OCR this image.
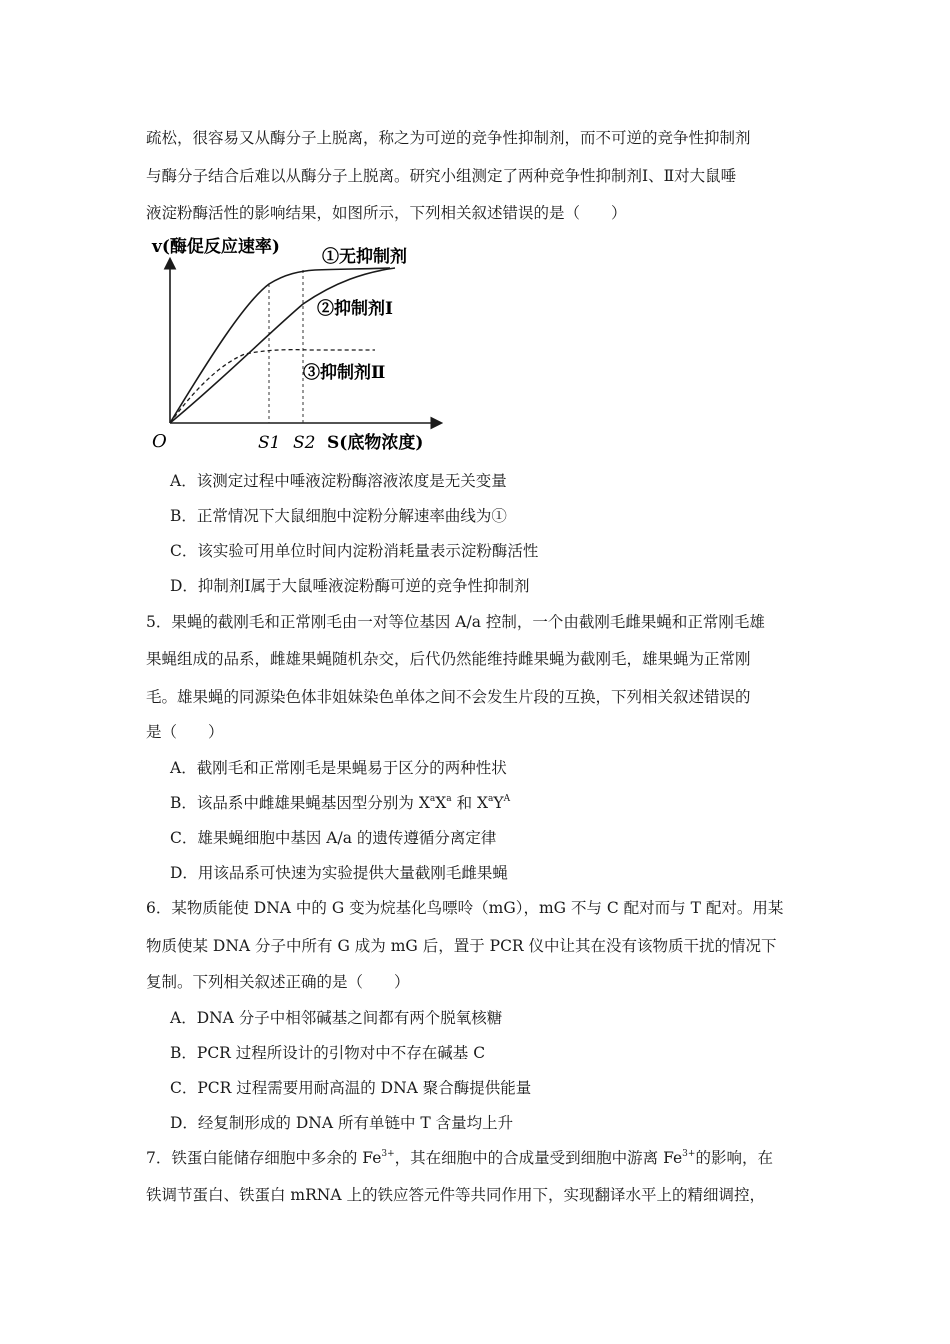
疏松，很容易又从酶分子上脱离，称之为可逆的竞争性抑制剂，而不可逆的竞争性抑制剂
与酶分子结合后难以从酶分子上脱离。研究小组测定了两种竞争性抑制剂Ⅰ、Ⅱ对大鼠唾
液淀粉酶活性的影响结果，如图所示，下列相关叙述错误的是（　　）
v(酶促反应速率) ①无抑制剂
②抑制剂Ⅰ
③抑制剂Ⅱ
O	S1 S2 S(底物浓度)
A．该测定过程中唾液淀粉酶溶液浓度是无关变量
B．正常情况下大鼠细胞中淀粉分解速率曲线为①
C．该实验可用单位时间内淀粉消耗量表示淀粉酶活性
D．抑制剂Ⅰ属于大鼠唾液淀粉酶可逆的竞争性抑制剂
5．果蝇的截刚毛和正常刚毛由一对等位基因 A/a 控制，一个由截刚毛雌果蝇和正常刚毛雄
果蝇组成的品系，雌雄果蝇随机杂交，后代仍然能维持雌果蝇为截刚毛，雄果蝇为正常刚
毛。雄果蝇的同源染色体非姐妹染色单体之间不会发生片段的互换，下列相关叙述错误的
是（　　）
A．截刚毛和正常刚毛是果蝇易于区分的两种性状
B．该品系中雌雄果蝇基因型分别为 $X^aX^a$ 和 $X^aY^A$
C．雄果蝇细胞中基因 A/a 的遗传遵循分离定律
D．用该品系可快速为实验提供大量截刚毛雌果蝇
6．某物质能使 DNA 中的 G 变为烷基化鸟嘌呤（mG），mG 不与 C 配对而与 T 配对。用某
物质使某 DNA 分子中所有 G 成为 mG 后，置于 PCR 仪中让其在没有该物质干扰的情况下
复制。下列相关叙述正确的是（　　）
A．DNA 分子中相邻碱基之间都有两个脱氧核糖
B．PCR 过程所设计的引物对中不存在碱基 C
C．PCR 过程需要用耐高温的 DNA 聚合酶提供能量
D．经复制形成的 DNA 所有单链中 T 含量均上升
7．铁蛋白能储存细胞中多余的 $Fe^{3+}$，其在细胞中的合成量受到细胞中游离 $Fe^{3+}$的影响，在
铁调节蛋白、铁蛋白 mRNA 上的铁应答元件等共同作用下，实现翻译水平上的精细调控，
